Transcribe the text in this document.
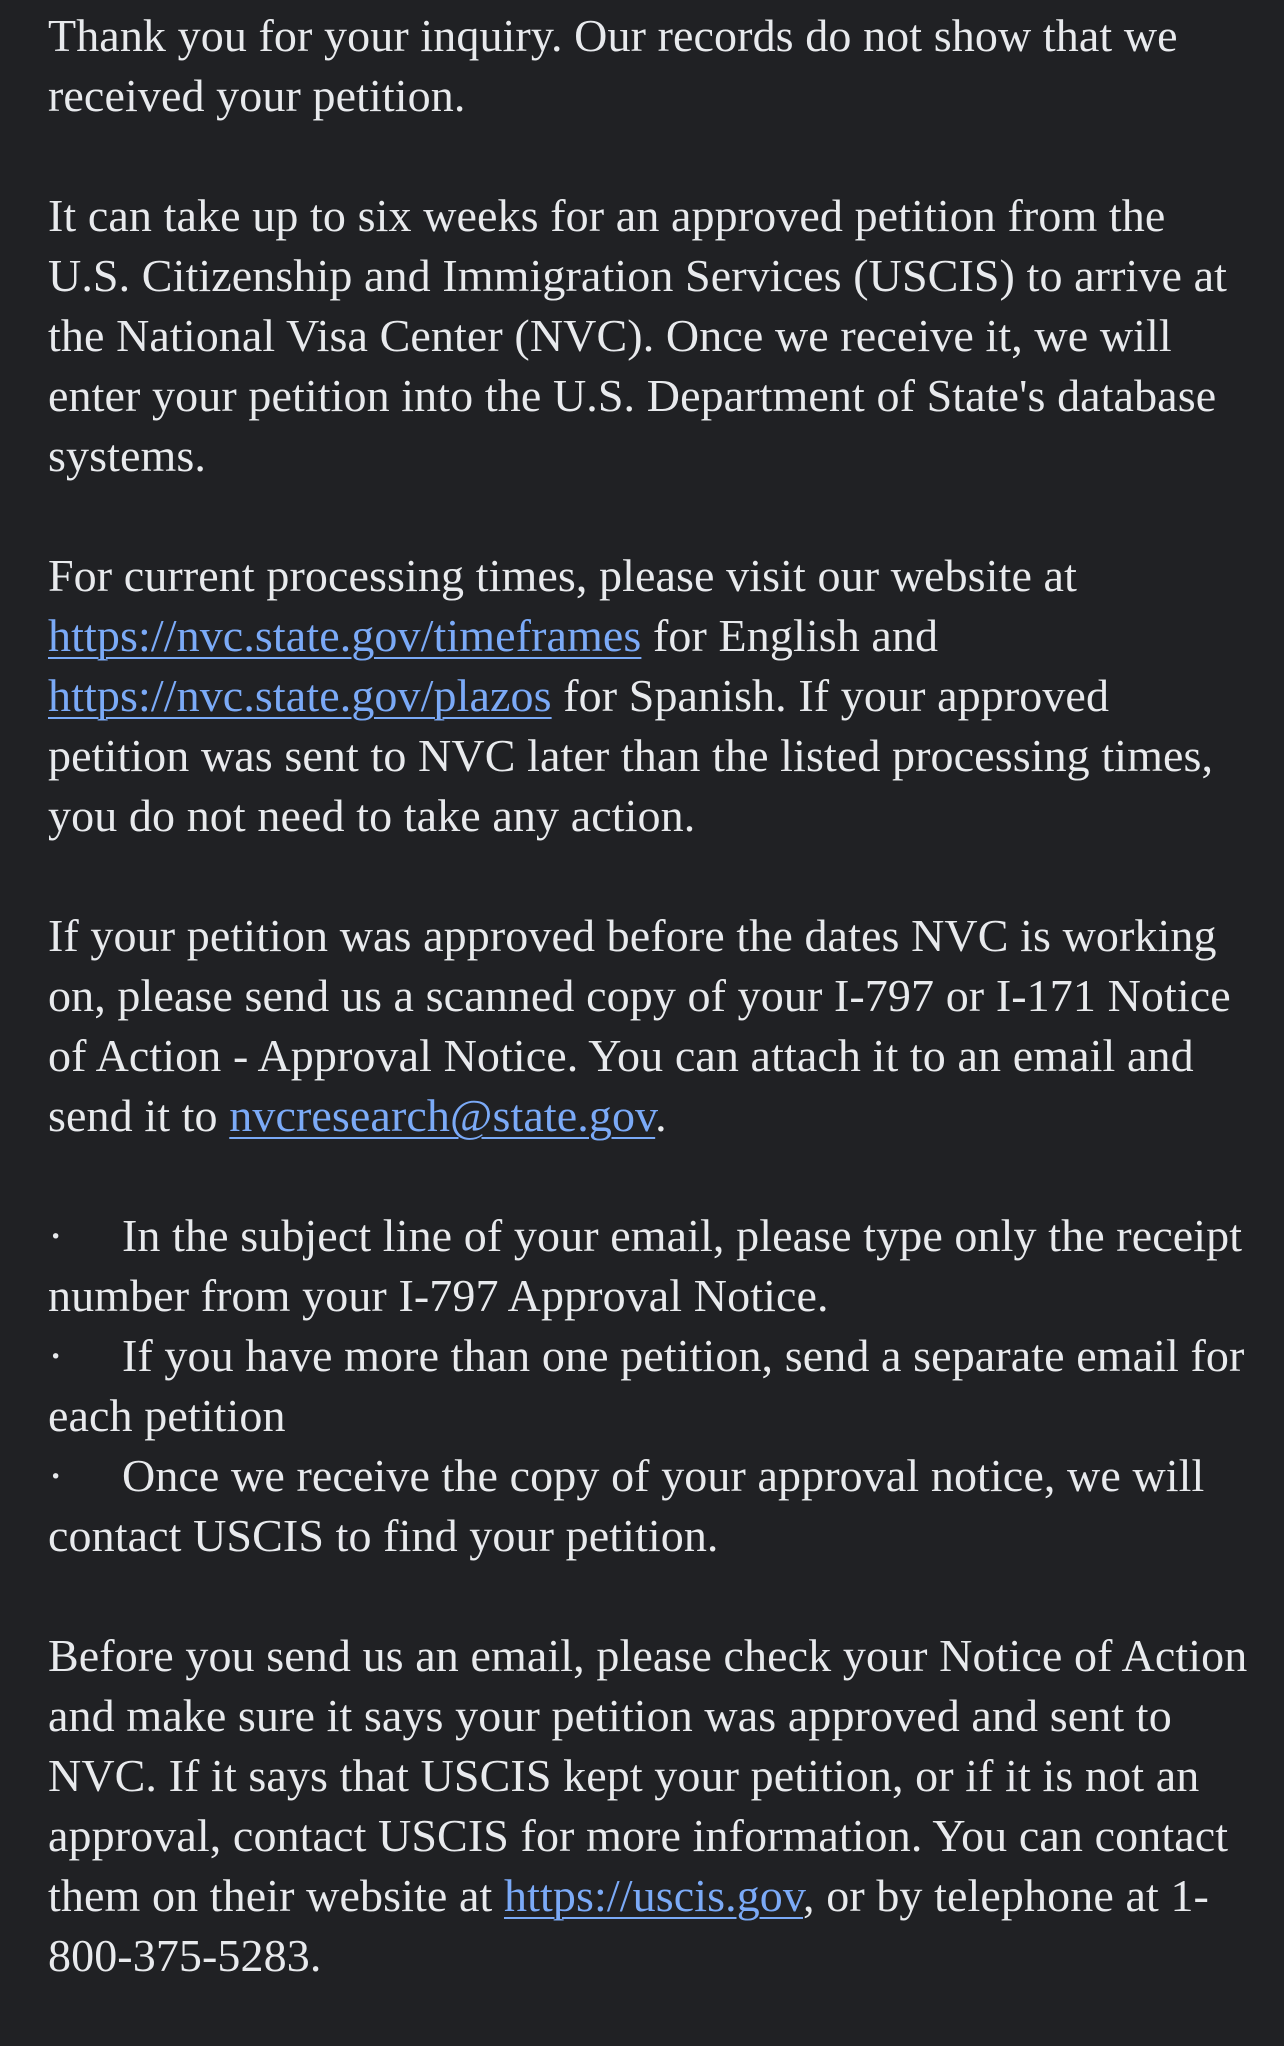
Thank you for your inquiry. Our records do not show that we received your petition.

It can take up to six weeks for an approved petition from the U.S. Citizenship and Immigration Services (USCIS) to arrive at the National Visa Center (NVC). Once we receive it, we will enter your petition into the U.S. Department of State's database systems.

For current processing times, please visit our website at https://nvc.state.gov/timeframes for English and https://nvc.state.gov/plazos for Spanish. If your approved petition was sent to NVC later than the listed processing times, you do not need to take any action.

If your petition was approved before the dates NVC is working on, please send us a scanned copy of your I-797 or I-171 Notice of Action - Approval Notice. You can attach it to an email and send it to nvcresearch@state.gov.

· In the subject line of your email, please type only the receipt number from your I-797 Approval Notice.
· If you have more than one petition, send a separate email for each petition
· Once we receive the copy of your approval notice, we will contact USCIS to find your petition.

Before you send us an email, please check your Notice of Action and make sure it says your petition was approved and sent to NVC. If it says that USCIS kept your petition, or if it is not an approval, contact USCIS for more information. You can contact them on their website at https://uscis.gov, or by telephone at 1-800-375-5283.
